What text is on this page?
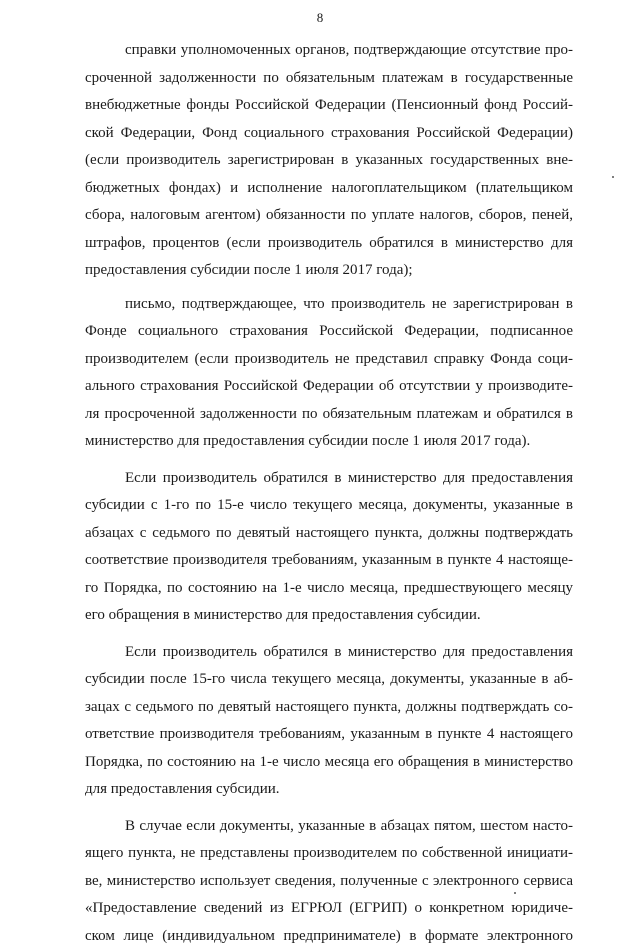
8

справки уполномоченных органов, подтверждающие отсутствие про-
сроченной задолженности по обязательным платежам в государственные
внебюджетные фонды Российской Федерации (Пенсионный фонд Россий-
ской Федерации, Фонд социального страхования Российской Федерации)
(если производитель зарегистрирован в указанных государственных вне-
бюджетных фондах) и исполнение налогоплательщиком (плательщиком
сбора, налоговым агентом) обязанности по уплате налогов, сборов, пеней,
штрафов, процентов (если производитель обратился в министерство для
предоставления субсидии после 1 июля 2017 года);

письмо, подтверждающее, что производитель не зарегистрирован в
Фонде социального страхования Российской Федерации, подписанное
производителем (если производитель не представил справку Фонда соци-
ального страхования Российской Федерации об отсутствии у производите-
ля просроченной задолженности по обязательным платежам и обратился в
министерство для предоставления субсидии после 1 июля 2017 года).

Если производитель обратился в министерство для предоставления
субсидии с 1-го по 15-е число текущего месяца, документы, указанные в
абзацах с седьмого по девятый настоящего пункта, должны подтверждать
соответствие производителя требованиям, указанным в пункте 4 настояще-
го Порядка, по состоянию на 1-е число месяца, предшествующего месяцу
его обращения в министерство для предоставления субсидии.

Если производитель обратился в министерство для предоставления
субсидии после 15-го числа текущего месяца, документы, указанные в аб-
зацах с седьмого по девятый настоящего пункта, должны подтверждать со-
ответствие производителя требованиям, указанным в пункте 4 настоящего
Порядка, по состоянию на 1-е число месяца его обращения в министерство
для предоставления субсидии.

В случае если документы, указанные в абзацах пятом, шестом насто-
ящего пункта, не представлены производителем по собственной инициати-
ве, министерство использует сведения, полученные с электронного сервиса
«Предоставление сведений из ЕГРЮЛ (ЕГРИП) о конкретном юридиче-
ском лице (индивидуальном предпринимателе) в формате электронного
